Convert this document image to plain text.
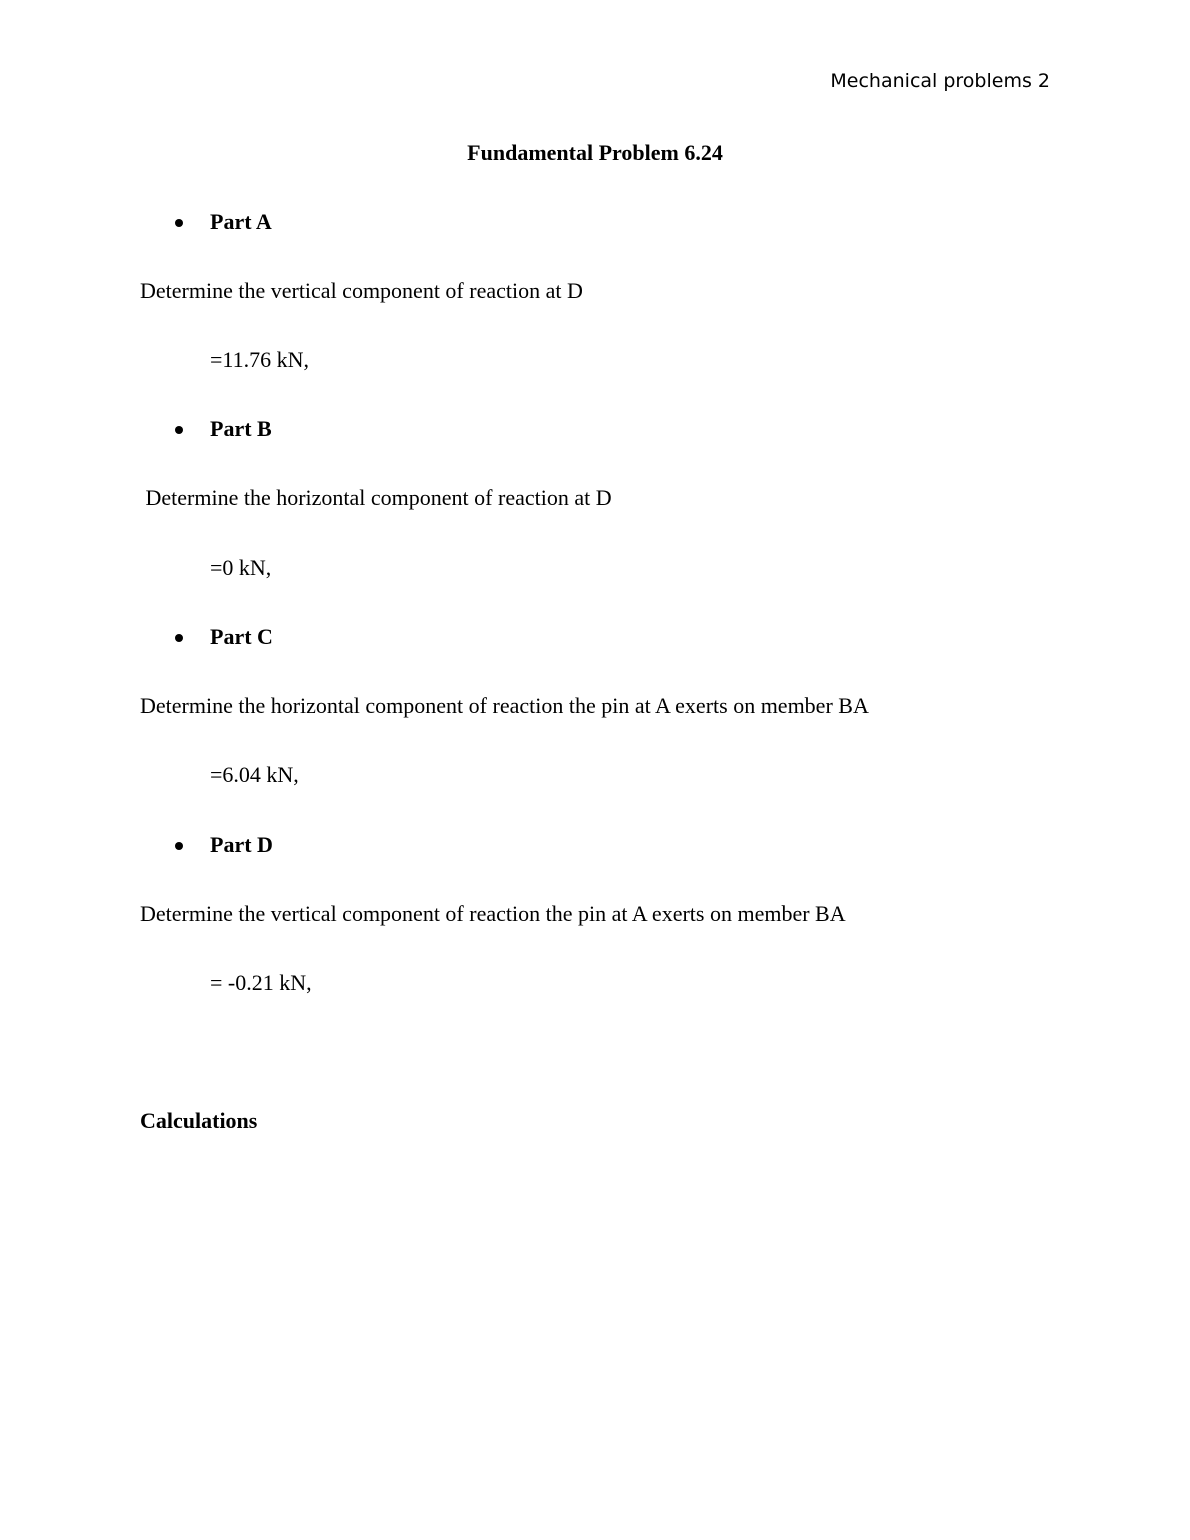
Mechanical problems 2
Fundamental Problem 6.24
Part A
Determine the vertical component of reaction at D
=11.76 kN,
Part B
Determine the horizontal component of reaction at D
=0 kN,
Part C
Determine the horizontal component of reaction the pin at A exerts on member BA
=6.04 kN,
Part D
Determine the vertical component of reaction the pin at A exerts on member BA
= -0.21 kN,
Calculations
